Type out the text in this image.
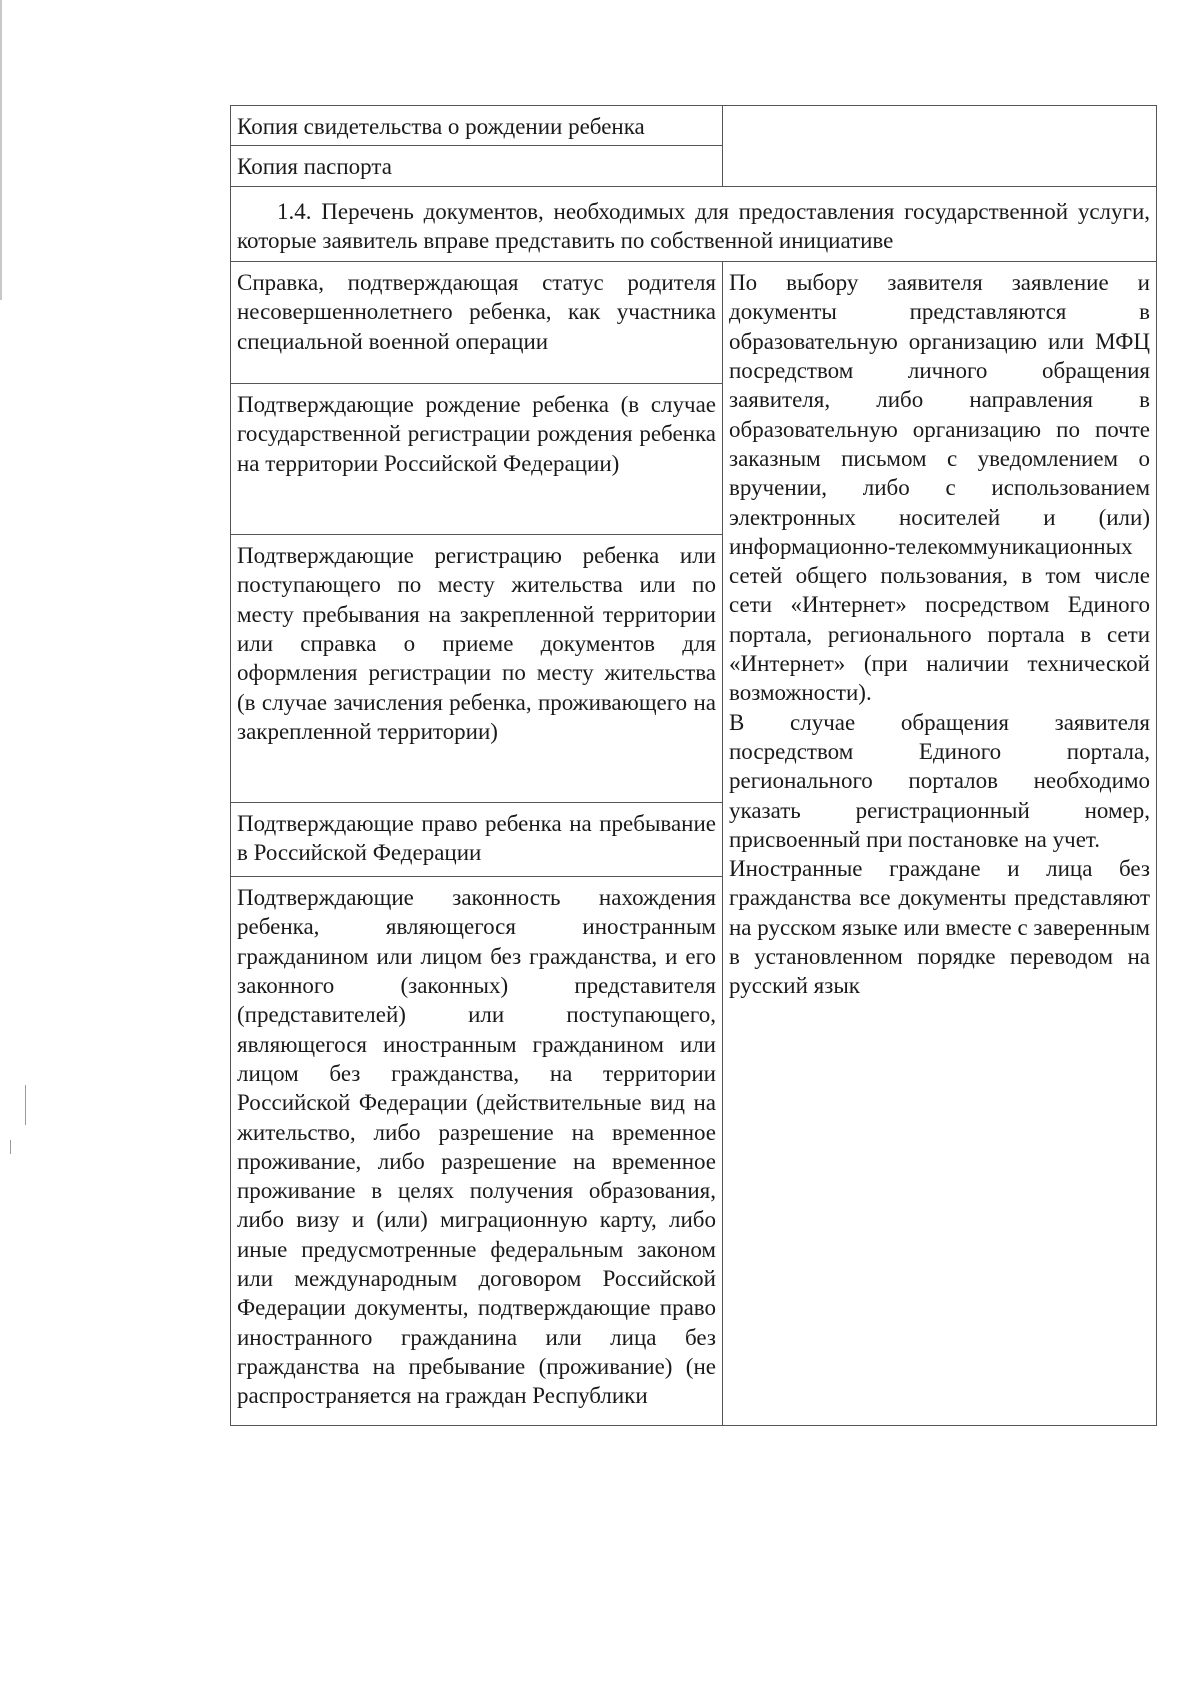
Копия свидетельства о рождении ребенка	
Копия паспорта	
1.4. Перечень документов, необходимых для предоставления государственной услуги, которые заявитель вправе представить по собственной инициативе	
Справка, подтверждающая статус родителя несовершеннолетнего ребенка, как участника специальной военной операции	По выбору заявителя заявление и документы представляются в образовательную организацию или МФЦ посредством личного обращения заявителя, либо направления в образовательную организацию по почте заказным письмом с уведомлением о вручении, либо с использованием электронных носителей и (или) информационно-телекоммуникационных сетей общего пользования, в том числе сети «Интернет» посредством Единого портала, регионального портала в сети «Интернет» (при наличии технической возможности).
В случае обращения заявителя посредством Единого портала, регионального порталов необходимо указать регистрационный номер, присвоенный при постановке на учет.
Иностранные граждане и лица без гражданства все документы представляют на русском языке или вместе с заверенным в установленном порядке переводом на русский язык

Подтверждающие рождение ребенка (в случае государственной регистрации рождения ребенка на территории Российской Федерации)	
Подтверждающие регистрацию ребенка или поступающего по месту жительства или по месту пребывания на закрепленной территории или справка о приеме документов для оформления регистрации по месту жительства (в случае зачисления ребенка, проживающего на закрепленной территории)	
Подтверждающие право ребенка на пребывание в Российской Федерации	
Подтверждающие законность нахождения ребенка, являющегося иностранным гражданином или лицом без гражданства, и его законного (законных) представителя (представителей) или поступающего, являющегося иностранным гражданином или лицом без гражданства, на территории Российской Федерации (действительные вид на жительство, либо разрешение на временное проживание, либо разрешение на временное проживание в целях получения образования, либо визу и (или) миграционную карту, либо иные предусмотренные федеральным законом или международным договором Российской Федерации документы, подтверждающие право иностранного гражданина или лица без гражданства на пребывание (проживание) (не распространяется на граждан Республики	
